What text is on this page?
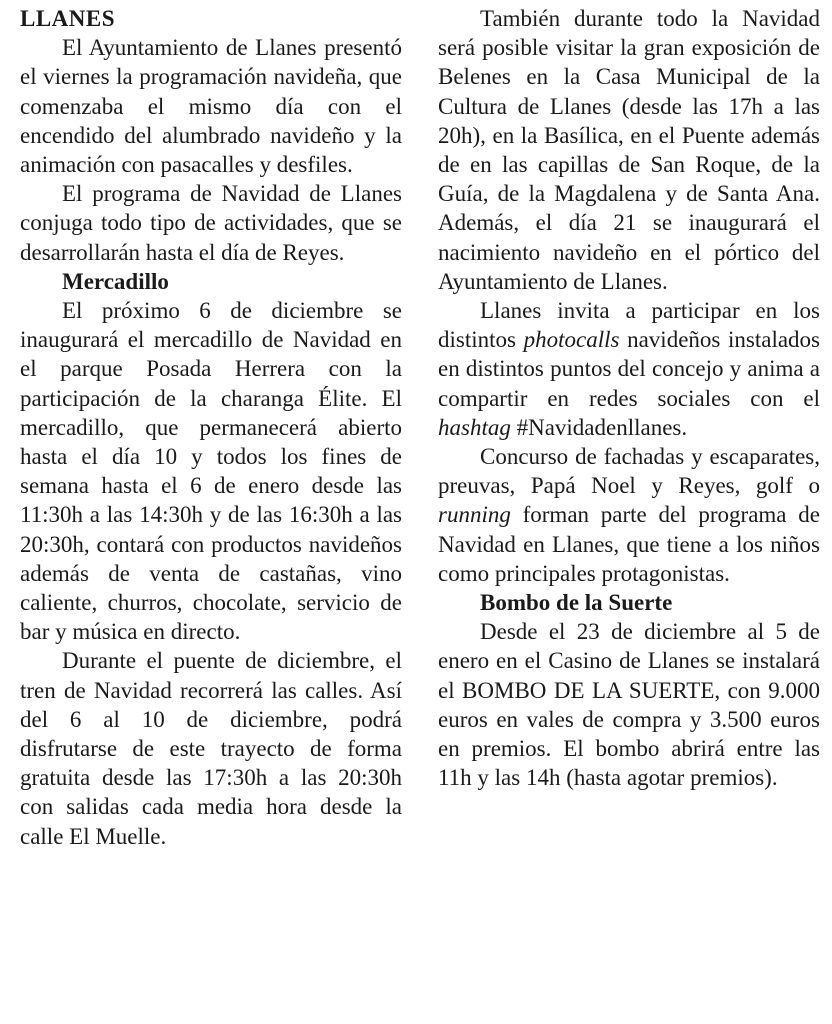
LLANES

El Ayuntamiento de Llanes presentó el viernes la programación navideña, que comenzaba el mismo día con el encendido del alumbrado navideño y la animación con pasacalles y desfiles.

El programa de Navidad de Llanes conjuga todo tipo de actividades, que se desarrollarán hasta el día de Reyes.

Mercadillo

El próximo 6 de diciembre se inaugurará el mercadillo de Navidad en el parque Posada Herrera con la participación de la charanga Élite. El mercadillo, que permanecerá abierto hasta el día 10 y todos los fines de semana hasta el 6 de enero desde las 11:30h a las 14:30h y de las 16:30h a las 20:30h, contará con productos navideños además de venta de castañas, vino caliente, churros, chocolate, servicio de bar y música en directo.

Durante el puente de diciembre, el tren de Navidad recorrerá las calles. Así del 6 al 10 de diciembre, podrá disfrutarse de este trayecto de forma gratuita desde las 17:30h a las 20:30h con salidas cada media hora desde la calle El Muelle.

También durante todo la Navidad será posible visitar la gran exposición de Belenes en la Casa Municipal de la Cultura de Llanes (desde las 17h a las 20h), en la Basílica, en el Puente además de en las capillas de San Roque, de la Guía, de la Magdalena y de Santa Ana. Además, el día 21 se inaugurará el nacimiento navideño en el pórtico del Ayuntamiento de Llanes.

Llanes invita a participar en los distintos photocalls navideños instalados en distintos puntos del concejo y anima a compartir en redes sociales con el hashtag #Navidadenllanes.

Concurso de fachadas y escaparates, preuvas, Papá Noel y Reyes, golf o running forman parte del programa de Navidad en Llanes, que tiene a los niños como principales protagonistas.

Bombo de la Suerte

Desde el 23 de diciembre al 5 de enero en el Casino de Llanes se instalará el BOMBO DE LA SUERTE, con 9.000 euros en vales de compra y 3.500 euros en premios. El bombo abrirá entre las 11h y las 14h (hasta agotar premios).
